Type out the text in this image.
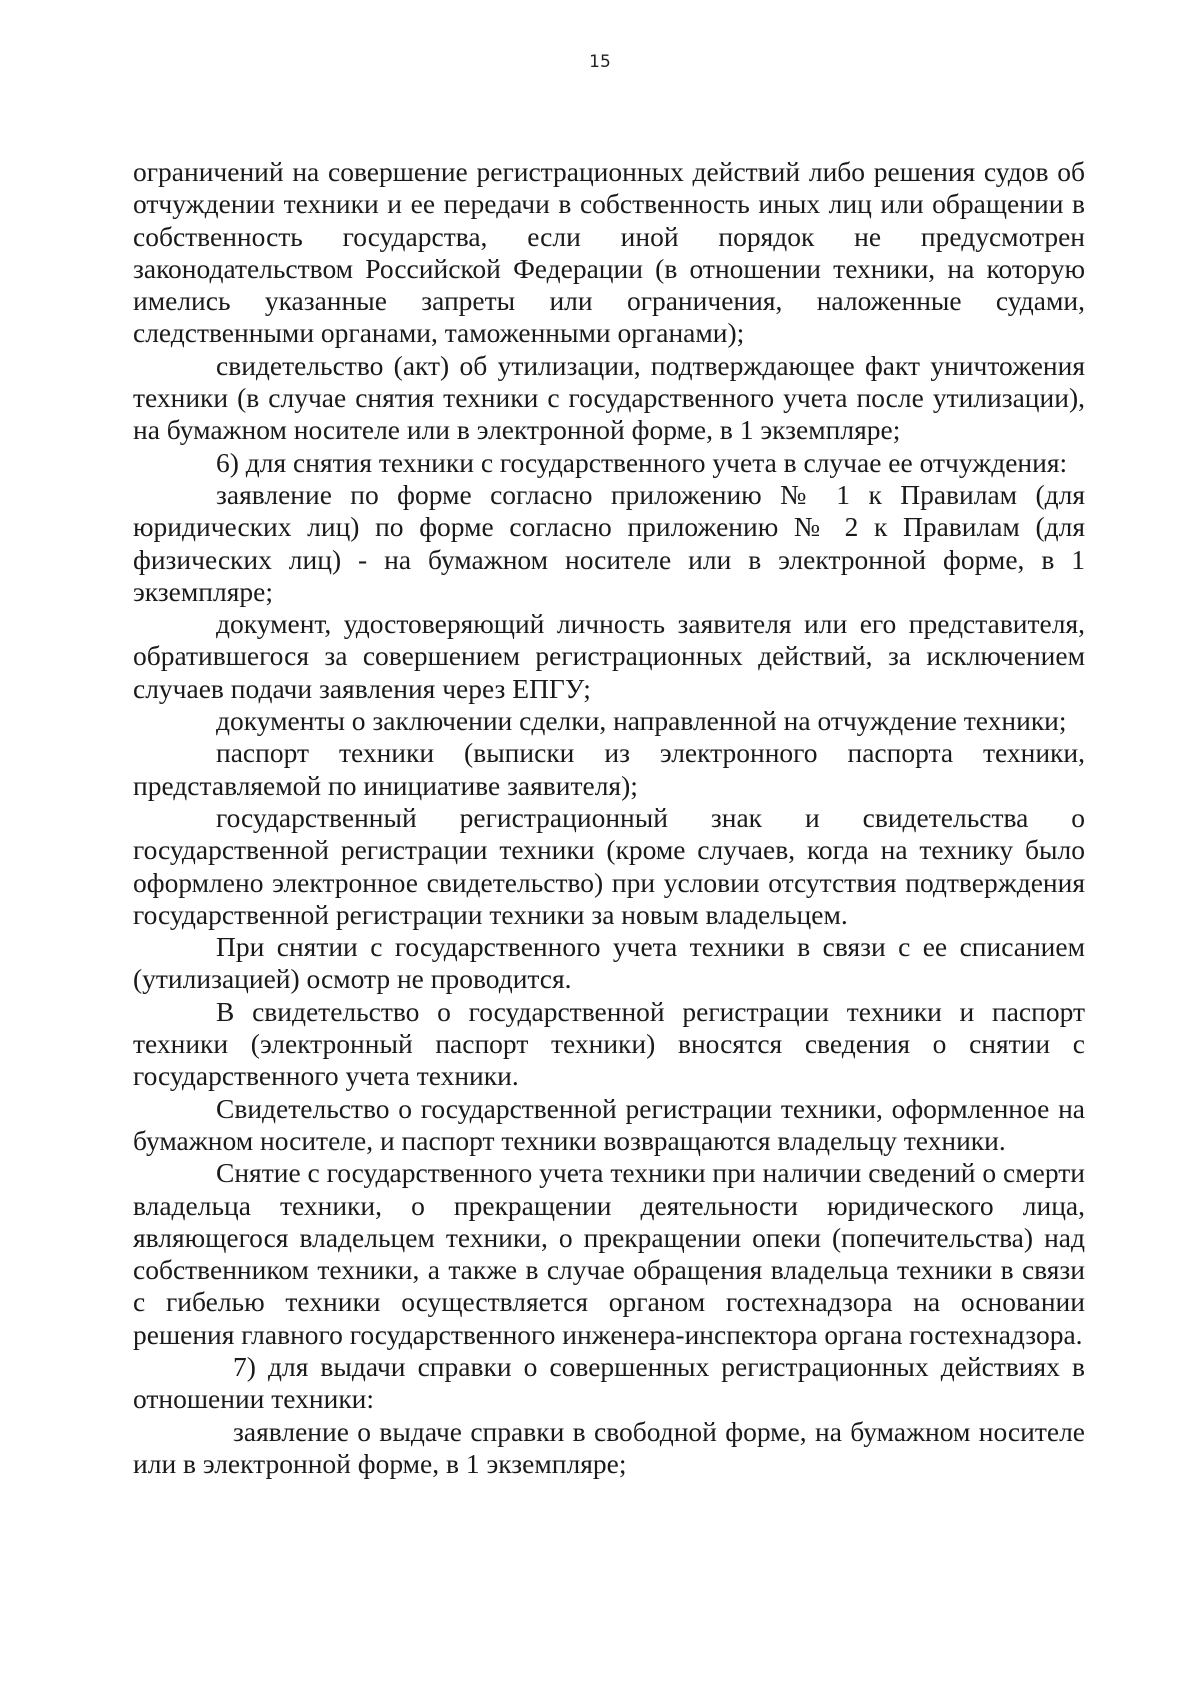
15

ограничений на совершение регистрационных действий либо решения судов об отчуждении техники и ее передачи в собственность иных лиц или обращении в собственность государства, если иной порядок не предусмотрен законодательством Российской Федерации (в отношении техники, на которую имелись указанные запреты или ограничения, наложенные судами, следственными органами, таможенными органами);

свидетельство (акт) об утилизации, подтверждающее факт уничтожения техники (в случае снятия техники с государственного учета после утилизации), на бумажном носителе или в электронной форме, в 1 экземпляре;

6) для снятия техники с государственного учета в случае ее отчуждения:

заявление по форме согласно приложению № 1 к Правилам (для юридических лиц) по форме согласно приложению № 2 к Правилам (для физических лиц) - на бумажном носителе или в электронной форме, в 1 экземпляре;

документ, удостоверяющий личность заявителя или его представителя, обратившегося за совершением регистрационных действий, за исключением случаев подачи заявления через ЕПГУ;

документы о заключении сделки, направленной на отчуждение техники;

паспорт техники (выписки из электронного паспорта техники, представляемой по инициативе заявителя);

государственный регистрационный знак и свидетельства о государственной регистрации техники (кроме случаев, когда на технику было оформлено электронное свидетельство) при условии отсутствия подтверждения государственной регистрации техники за новым владельцем.

При снятии с государственного учета техники в связи с ее списанием (утилизацией) осмотр не проводится.

В свидетельство о государственной регистрации техники и паспорт техники (электронный паспорт техники) вносятся сведения о снятии с государственного учета техники.

Свидетельство о государственной регистрации техники, оформленное на бумажном носителе, и паспорт техники возвращаются владельцу техники.

Снятие с государственного учета техники при наличии сведений о смерти владельца техники, о прекращении деятельности юридического лица, являющегося владельцем техники, о прекращении опеки (попечительства) над собственником техники, а также в случае обращения владельца техники в связи с гибелью техники осуществляется органом гостехнадзора на основании решения главного государственного инженера-инспектора органа гостехнадзора.

7) для выдачи справки о совершенных регистрационных действиях в отношении техники:

заявление о выдаче справки в свободной форме, на бумажном носителе или в электронной форме, в 1 экземпляре;
